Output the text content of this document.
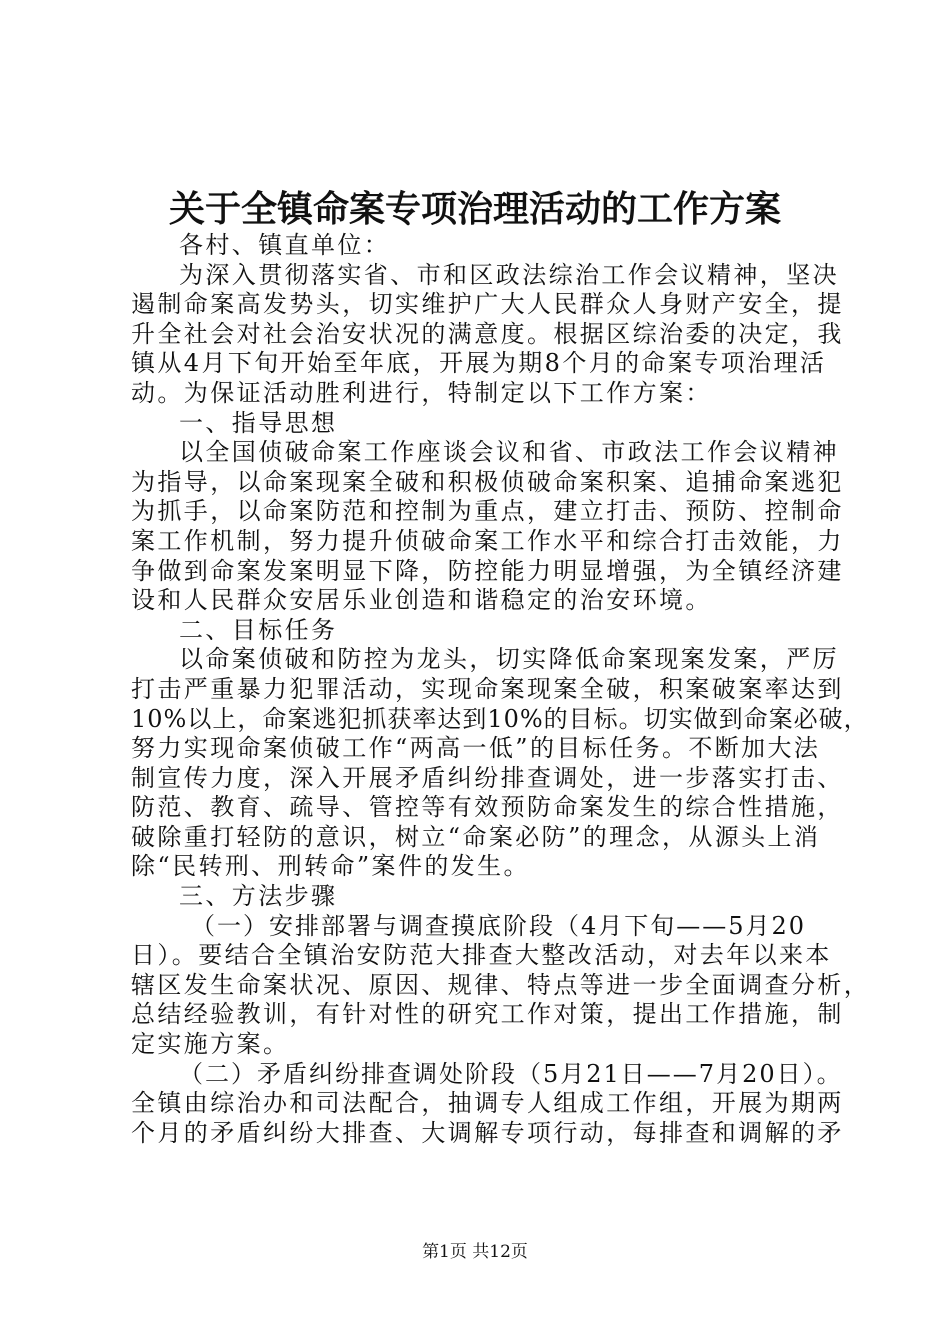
关于全镇命案专项治理活动的工作方案
各村、镇直单位：
为深入贯彻落实省、市和区政法综治工作会议精神，坚决
遏制命案高发势头，切实维护广大人民群众人身财产安全，提
升全社会对社会治安状况的满意度。根据区综治委的决定，我
镇从4月下旬开始至年底，开展为期8个月的命案专项治理活
动。为保证活动胜利进行，特制定以下工作方案：
一、指导思想
以全国侦破命案工作座谈会议和省、市政法工作会议精神
为指导，以命案现案全破和积极侦破命案积案、追捕命案逃犯
为抓手，以命案防范和控制为重点，建立打击、预防、控制命
案工作机制，努力提升侦破命案工作水平和综合打击效能，力
争做到命案发案明显下降，防控能力明显增强，为全镇经济建
设和人民群众安居乐业创造和谐稳定的治安环境。
二、目标任务
以命案侦破和防控为龙头，切实降低命案现案发案，严厉
打击严重暴力犯罪活动，实现命案现案全破，积案破案率达到
10%以上，命案逃犯抓获率达到10%的目标。切实做到命案必破，
努力实现命案侦破工作“两高一低”的目标任务。不断加大法
制宣传力度，深入开展矛盾纠纷排查调处，进一步落实打击、
防范、教育、疏导、管控等有效预防命案发生的综合性措施，
破除重打轻防的意识，树立“命案必防”的理念，从源头上消
除“民转刑、刑转命”案件的发生。
三、方法步骤
（一）安排部署与调查摸底阶段（4月下旬——5月20
日）。要结合全镇治安防范大排查大整改活动，对去年以来本
辖区发生命案状况、原因、规律、特点等进一步全面调查分析，
总结经验教训，有针对性的研究工作对策，提出工作措施，制
定实施方案。
（二）矛盾纠纷排查调处阶段（5月21日——7月20日）。
全镇由综治办和司法配合，抽调专人组成工作组，开展为期两
个月的矛盾纠纷大排查、大调解专项行动，每排查和调解的矛
第1页 共12页
